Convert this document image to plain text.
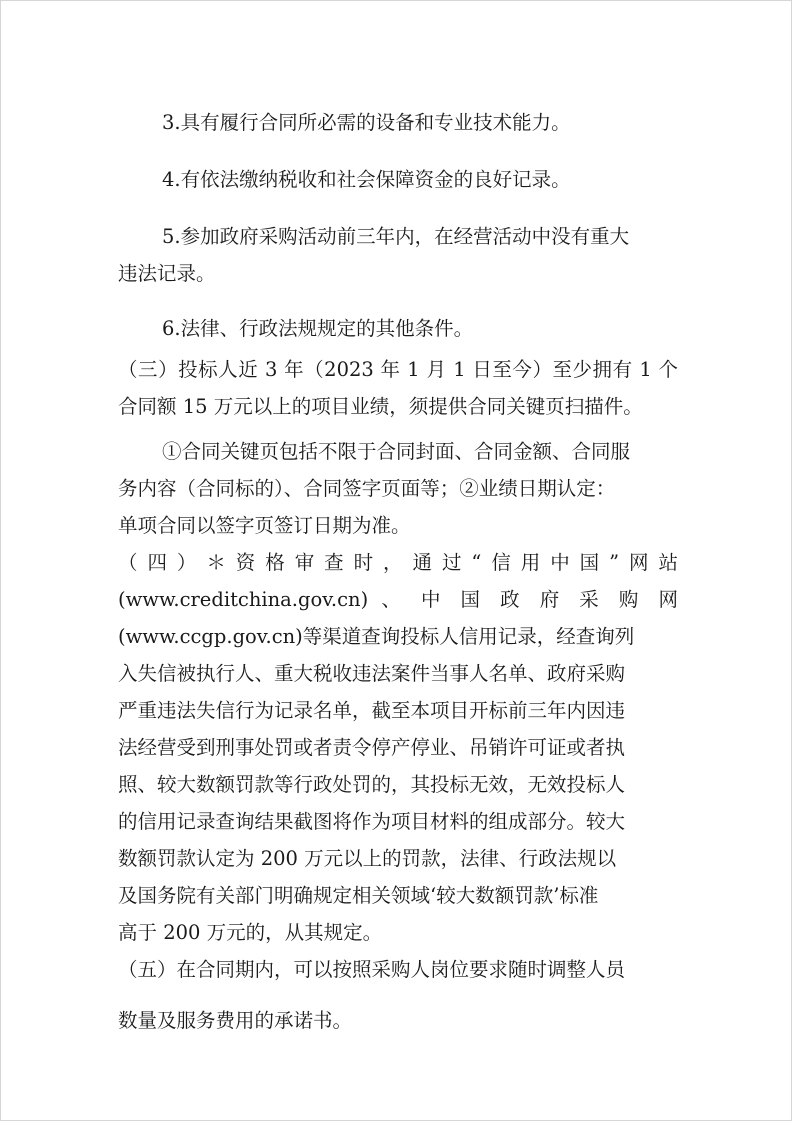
3.具有履行合同所必需的设备和专业技术能力。

4.有依法缴纳税收和社会保障资金的良好记录。

5.参加政府采购活动前三年内，在经营活动中没有重大

违法记录。

6.法律、行政法规规定的其他条件。

（三）投标人近 3 年（2023 年 1 月 1 日至今）至少拥有 1 个

合同额 15 万元以上的项目业绩，须提供合同关键页扫描件。

①合同关键页包括不限于合同封面、合同金额、合同服

务内容（合同标的）、合同签字页面等；②业绩日期认定：

单项合同以签字页签订日期为准。

（四）＊资格审查时，通过“信用中国”网站

(www.creditchina.gov.cn) 、 中 国 政 府 采 购 网

(www.ccgp.gov.cn)等渠道查询投标人信用记录，经查询列

入失信被执行人、重大税收违法案件当事人名单、政府采购

严重违法失信行为记录名单，截至本项目开标前三年内因违

法经营受到刑事处罚或者责令停产停业、吊销许可证或者执

照、较大数额罚款等行政处罚的，其投标无效，无效投标人

的信用记录查询结果截图将作为项目材料的组成部分。较大

数额罚款认定为 200 万元以上的罚款，法律、行政法规以

及国务院有关部门明确规定相关领域‘较大数额罚款’标准

高于 200 万元的，从其规定。

（五）在合同期内，可以按照采购人岗位要求随时调整人员

数量及服务费用的承诺书。
